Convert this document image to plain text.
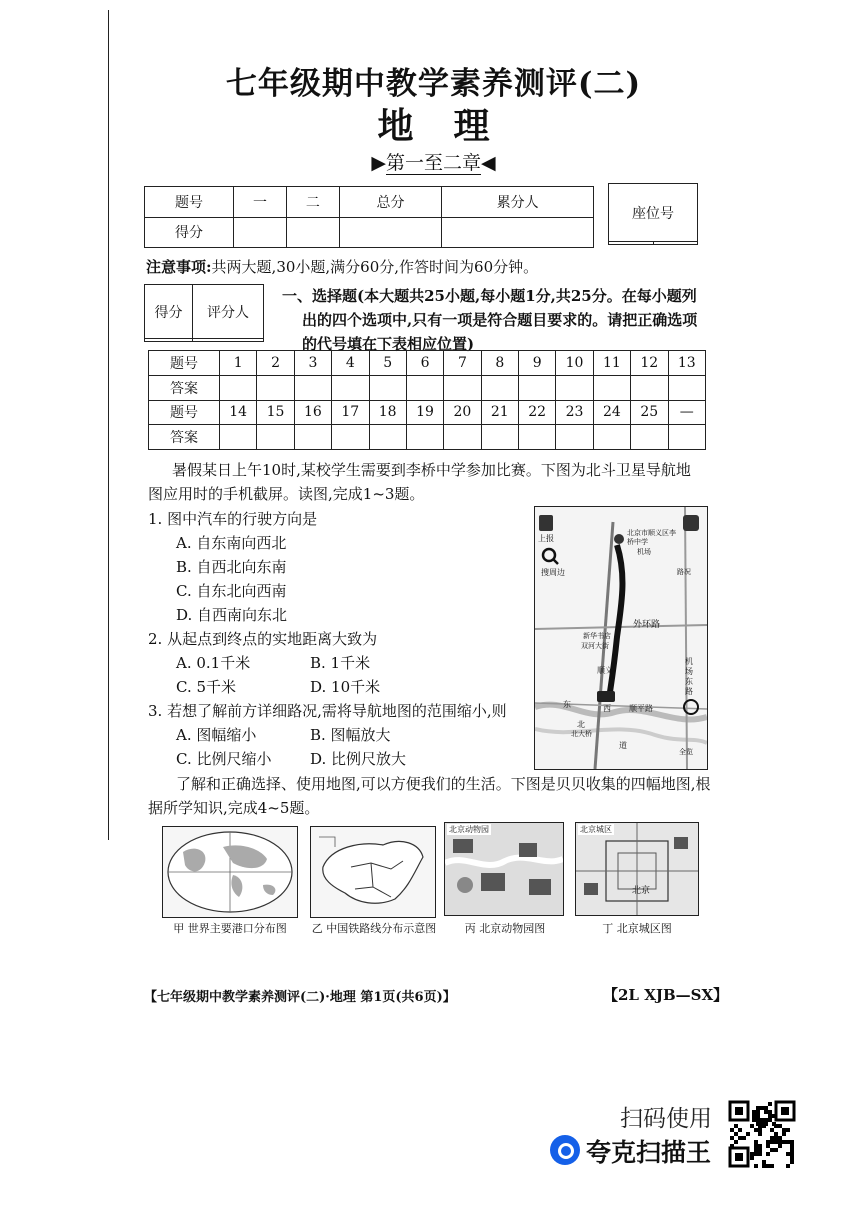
七年级期中教学素养测评(二)
地理
▶第一至二章◀
题号	一	二	总分	累分人
得分				
座位号

注意事项:共两大题,30小题,满分60分,作答时间为60分钟。
得分	评分人

一、选择题(本大题共25小题,每小题1分,共25分。在每小题列
出的四个选项中,只有一项是符合题目要求的。请把正确选项
的代号填在下表相应位置)
题号	1	2	3	4	5	6	7	8	9	10	11	12	13
答案													
题号	14	15	16	17	18	19	20	21	22	23	24	25	—
答案													
暑假某日上午10时,某校学生需要到李桥中学参加比赛。下图为北斗卫星导航地
图应用时的手机截屏。读图,完成1~3题。
1. 图中汽车的行驶方向是
A. 自东南向西北
B. 自西北向东南
C. 自东北向西南
D. 自西南向东北
2. 从起点到终点的实地距离大致为
A. 0.1千米	B. 1千米
C. 5千米	D. 10千米
3. 若想了解前方详细路况,需将导航地图的范围缩小,则
A. 图幅缩小	B. 图幅放大
C. 比例尺缩小	D. 比例尺放大
上报
搜周边
北京市顺义区李桥中学
外环路
新华书店
双河大街
顺义
机场东路
东
北
北大桥
西 顺平路
道
路况
全览
机场
了解和正确选择、使用地图,可以方便我们的生活。下图是贝贝收集的四幅地图,根
据所学知识,完成4~5题。
北京动物园	北京城区
北京
甲 世界主要港口分布图	乙 中国铁路线分布示意图	丙 北京动物园图	丁 北京城区图
【七年级期中教学素养测评(二)·地理 第1页(共6页)】	【2L XJB—SX】
扫码使用
夸克扫描王
